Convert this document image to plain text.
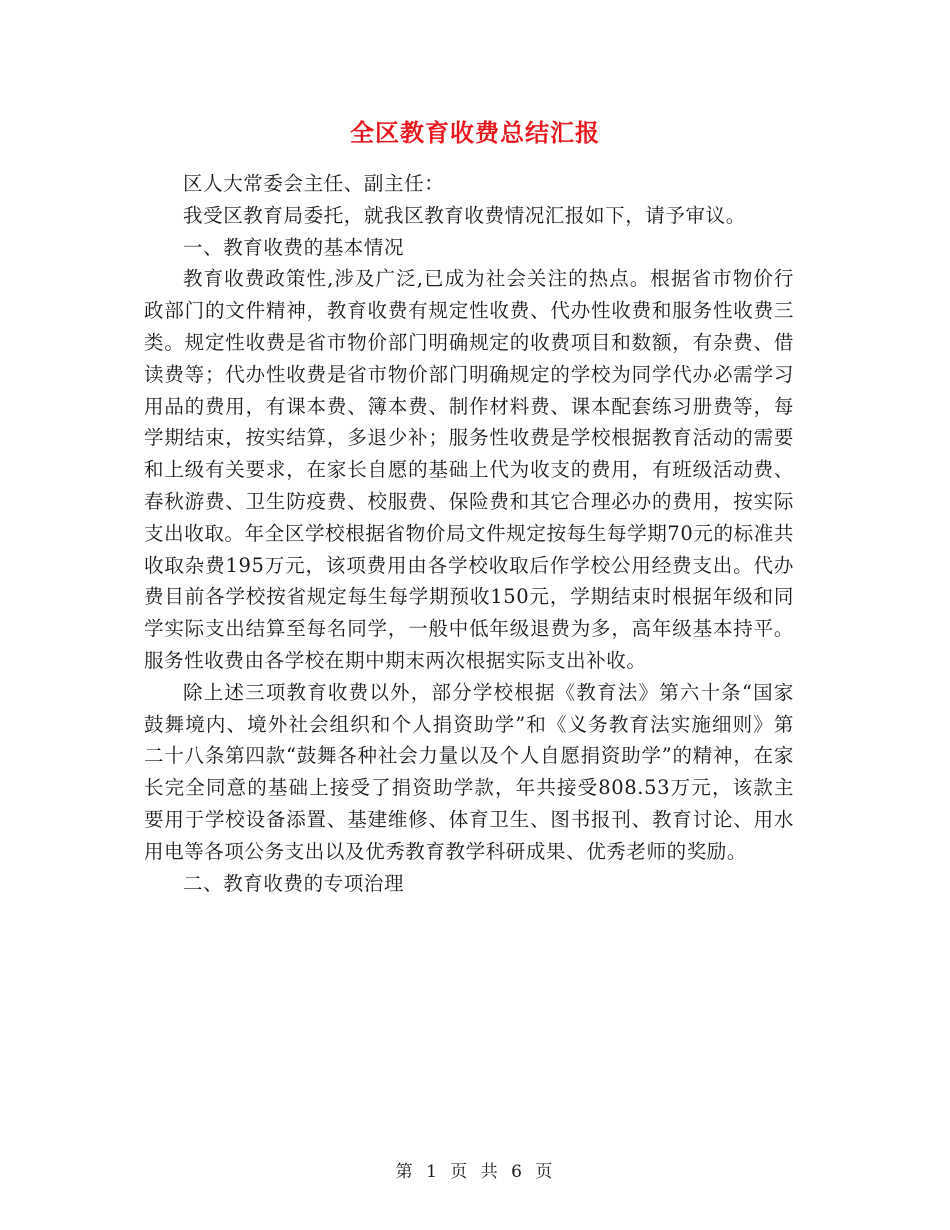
全区教育收费总结汇报

区人大常委会主任、副主任：

我受区教育局委托，就我区教育收费情况汇报如下，请予审议。

一、教育收费的基本情况

教育收费政策性,涉及广泛,已成为社会关注的热点。根据省市物价行政部门的文件精神，教育收费有规定性收费、代办性收费和服务性收费三类。规定性收费是省市物价部门明确规定的收费项目和数额，有杂费、借读费等；代办性收费是省市物价部门明确规定的学校为同学代办必需学习用品的费用，有课本费、簿本费、制作材料费、课本配套练习册费等，每学期结束，按实结算，多退少补；服务性收费是学校根据教育活动的需要和上级有关要求，在家长自愿的基础上代为收支的费用，有班级活动费、春秋游费、卫生防疫费、校服费、保险费和其它合理必办的费用，按实际支出收取。年全区学校根据省物价局文件规定按每生每学期70元的标准共收取杂费195万元，该项费用由各学校收取后作学校公用经费支出。代办费目前各学校按省规定每生每学期预收150元，学期结束时根据年级和同学实际支出结算至每名同学，一般中低年级退费为多，高年级基本持平。服务性收费由各学校在期中期末两次根据实际支出补收。

除上述三项教育收费以外，部分学校根据《教育法》第六十条“国家鼓舞境内、境外社会组织和个人捐资助学”和《义务教育法实施细则》第二十八条第四款“鼓舞各种社会力量以及个人自愿捐资助学”的精神，在家长完全同意的基础上接受了捐资助学款，年共接受808.53万元，该款主要用于学校设备添置、基建维修、体育卫生、图书报刊、教育讨论、用水用电等各项公务支出以及优秀教育教学科研成果、优秀老师的奖励。

二、教育收费的专项治理

第 1 页 共 6 页
